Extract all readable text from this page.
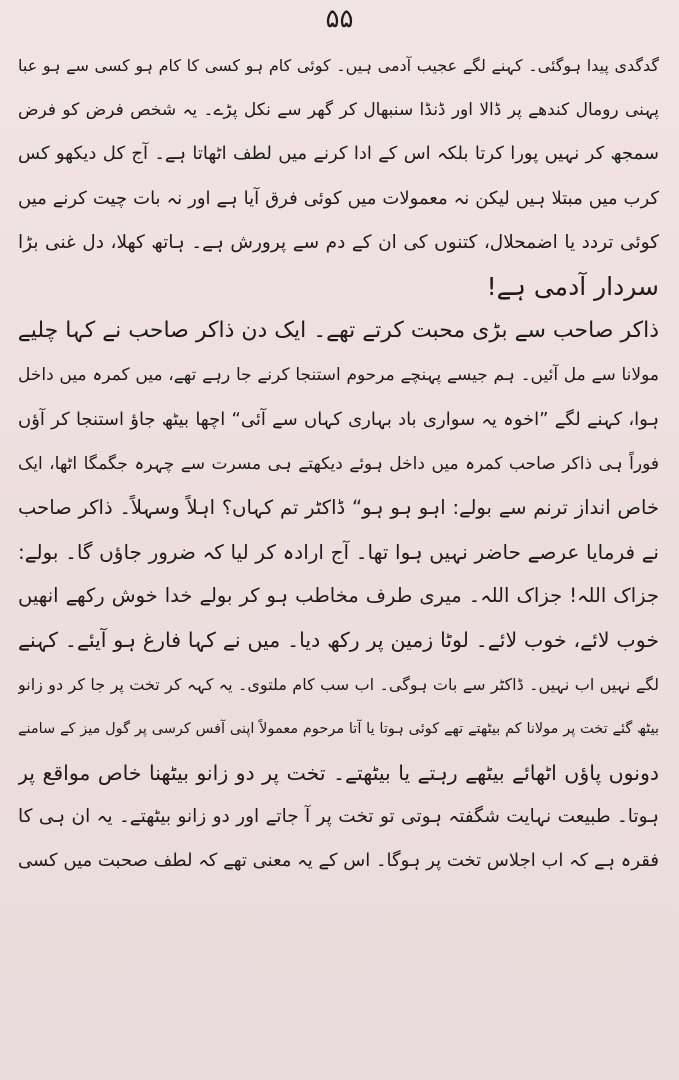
۵۵
گدگدی پیدا ہوگئی۔ کہنے لگے عجیب آدمی ہیں۔ کوئی کام ہو کسی کا کام ہو کسی سے ہو عبا
پہنی رومال کندھے پر ڈالا اور ڈنڈا سنبھال کر گھر سے نکل پڑے۔ یہ شخص فرض کو فرض
سمجھ کر نہیں پورا کرتا بلکہ اس کے ادا کرنے میں لطف اٹھاتا ہے۔ آج کل دیکھو کس
کرب میں مبتلا ہیں لیکن نہ معمولات میں کوئی فرق آیا ہے اور نہ بات چیت کرنے میں
کوئی تردد یا اضمحلال، کتنوں کی ان کے دم سے پرورش ہے۔ ہاتھ کھلا، دل غنی بڑا
سردار آدمی ہے!
ذاکر صاحب سے بڑی محبت کرتے تھے۔ ایک دن ذاکر صاحب نے کہا چلیے
مولانا سے مل آئیں۔ ہم جیسے پہنچے مرحوم استنجا کرنے جا رہے تھے، میں کمرہ میں داخل
ہوا، کہنے لگے ”اخوہ یہ سواری باد بہاری کہاں سے آئی“ اچھا بیٹھ جاؤ استنجا کر آؤں
فوراً ہی ذاکر صاحب کمرہ میں داخل ہوئے دیکھتے ہی مسرت سے چہرہ جگمگا اٹھا، ایک
خاص انداز ترنم سے بولے: اہو ہو ہو“ ڈاکٹر تم کہاں؟ اہلاً وسہلاً۔ ذاکر صاحب
نے فرمایا عرصے حاضر نہیں ہوا تھا۔ آج ارادہ کر لیا کہ ضرور جاؤں گا۔ بولے:
جزاک اللہ! جزاک اللہ۔ میری طرف مخاطب ہو کر بولے خدا خوش رکھے انھیں
خوب لائے، خوب لائے۔ لوٹا زمین پر رکھ دیا۔ میں نے کہا فارغ ہو آیئے۔ کہنے
لگے نہیں اب نہیں۔ ڈاکٹر سے بات ہوگی۔ اب سب کام ملتوی۔ یہ کہہ کر تخت پر جا کر دو زانو
بیٹھ گئے تخت پر مولانا کم بیٹھتے تھے کوئی ہوتا یا آتا مرحوم معمولاً اپنی آفس کرسی پر گول میز کے سامنے
دونوں پاؤں اٹھائے بیٹھے رہتے یا بیٹھتے۔ تخت پر دو زانو بیٹھنا خاص مواقع پر
ہوتا۔ طبیعت نہایت شگفتہ ہوتی تو تخت پر آ جاتے اور دو زانو بیٹھتے۔ یہ ان ہی کا
فقرہ ہے کہ اب اجلاس تخت پر ہوگا۔ اس کے یہ معنی تھے کہ لطف صحبت میں کسی
